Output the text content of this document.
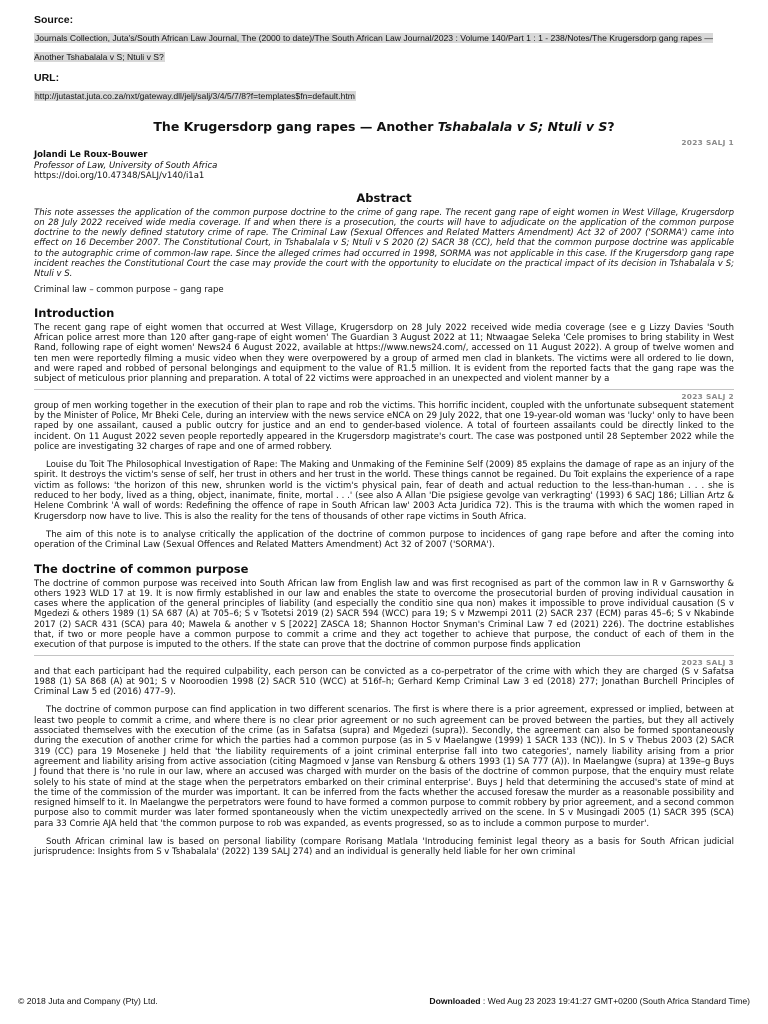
Source:
Journals Collection, Juta's/South African Law Journal, The (2000 to date)/The South African Law Journal/2023 : Volume 140/Part 1 : 1 - 238/Notes/The Krugersdorp gang rapes — Another Tshabalala v S; Ntuli v S?
URL:
http://jutastat.juta.co.za/nxt/gateway.dll/jelj/salj/3/4/5/7/8?f=templates$fn=default.htm
The Krugersdorp gang rapes — Another Tshabalala v S; Ntuli v S?
2023 SALJ 1
Jolandi Le Roux-Bouwer
Professor of Law, University of South Africa
https://doi.org/10.47348/SALJ/v140/i1a1
Abstract

This note assesses the application of the common purpose doctrine to the crime of gang rape. The recent gang rape of eight women in West Village, Krugersdorp on 28 July 2022 received wide media coverage. If and when there is a prosecution, the courts will have to adjudicate on the application of the common purpose doctrine to the newly defined statutory crime of rape. The Criminal Law (Sexual Offences and Related Matters Amendment) Act 32 of 2007 ('SORMA') came into effect on 16 December 2007. The Constitutional Court, in Tshabalala v S; Ntuli v S 2020 (2) SACR 38 (CC), held that the common purpose doctrine was applicable to the autographic crime of common-law rape. Since the alleged crimes had occurred in 1998, SORMA was not applicable in this case. If the Krugersdorp gang rape incident reaches the Constitutional Court the case may provide the court with the opportunity to elucidate on the practical impact of its decision in Tshabalala v S; Ntuli v S.

Criminal law – common purpose – gang rape
Introduction

The recent gang rape of eight women that occurred at West Village, Krugersdorp on 28 July 2022 received wide media coverage (see e g Lizzy Davies 'South African police arrest more than 120 after gang-rape of eight women' The Guardian 3 August 2022 at 11; Ntwaagae Seleka 'Cele promises to bring stability in West Rand, following rape of eight women' News24 6 August 2022, available at https://www.news24.com/, accessed on 11 August 2022). A group of twelve women and ten men were reportedly filming a music video when they were overpowered by a group of armed men clad in blankets. The victims were all ordered to lie down, and were raped and robbed of personal belongings and equipment to the value of R1.5 million. It is evident from the reported facts that the gang rape was the subject of meticulous prior planning and preparation. A total of 22 victims were approached in an unexpected and violent manner by a

2023 SALJ 2

group of men working together in the execution of their plan to rape and rob the victims. This horrific incident, coupled with the unfortunate subsequent statement by the Minister of Police, Mr Bheki Cele, during an interview with the news service eNCA on 29 July 2022, that one 19-year-old woman was 'lucky' only to have been raped by one assailant, caused a public outcry for justice and an end to gender-based violence. A total of fourteen assailants could be directly linked to the incident. On 11 August 2022 seven people reportedly appeared in the Krugersdorp magistrate's court. The case was postponed until 28 September 2022 while the police are investigating 32 charges of rape and one of armed robbery.

Louise du Toit The Philosophical Investigation of Rape: The Making and Unmaking of the Feminine Self (2009) 85 explains the damage of rape as an injury of the spirit. It destroys the victim's sense of self, her trust in others and her trust in the world. These things cannot be regained. Du Toit explains the experience of a rape victim as follows: 'the horizon of this new, shrunken world is the victim's physical pain, fear of death and actual reduction to the less-than-human . . . she is reduced to her body, lived as a thing, object, inanimate, finite, mortal . . .' (see also A Allan 'Die psigiese gevolge van verkragting' (1993) 6 SACJ 186; Lillian Artz & Helene Combrink 'A wall of words: Redefining the offence of rape in South African law' 2003 Acta Juridica 72). This is the trauma with which the women raped in Krugersdorp now have to live. This is also the reality for the tens of thousands of other rape victims in South Africa.

The aim of this note is to analyse critically the application of the doctrine of common purpose to incidences of gang rape before and after the coming into operation of the Criminal Law (Sexual Offences and Related Matters Amendment) Act 32 of 2007 ('SORMA').

The doctrine of common purpose

The doctrine of common purpose was received into South African law from English law and was first recognised as part of the common law in R v Garnsworthy & others 1923 WLD 17 at 19. It is now firmly established in our law and enables the state to overcome the prosecutorial burden of proving individual causation in cases where the application of the general principles of liability (and especially the conditio sine qua non) makes it impossible to prove individual causation (S v Mgedezi & others 1989 (1) SA 687 (A) at 705–6; S v Tsotetsi 2019 (2) SACR 594 (WCC) para 19; S v Mzwempi 2011 (2) SACR 237 (ECM) paras 45–6; S v Nkabinde 2017 (2) SACR 431 (SCA) para 40; Mawela & another v S [2022] ZASCA 18; Shannon Hoctor Snyman's Criminal Law 7 ed (2021) 226). The doctrine establishes that, if two or more people have a common purpose to commit a crime and they act together to achieve that purpose, the conduct of each of them in the execution of that purpose is imputed to the others. If the state can prove that the doctrine of common purpose finds application

2023 SALJ 3

and that each participant had the required culpability, each person can be convicted as a co-perpetrator of the crime with which they are charged (S v Safatsa 1988 (1) SA 868 (A) at 901; S v Nooroodien 1998 (2) SACR 510 (WCC) at 516f–h; Gerhard Kemp Criminal Law 3 ed (2018) 277; Jonathan Burchell Principles of Criminal Law 5 ed (2016) 477–9).

The doctrine of common purpose can find application in two different scenarios. The first is where there is a prior agreement, expressed or implied, between at least two people to commit a crime, and where there is no clear prior agreement or no such agreement can be proved between the parties, but they all actively associated themselves with the execution of the crime (as in Safatsa (supra) and Mgedezi (supra)). Secondly, the agreement can also be formed spontaneously during the execution of another crime for which the parties had a common purpose (as in S v Maelangwe (1999) 1 SACR 133 (NC)). In S v Thebus 2003 (2) SACR 319 (CC) para 19 Moseneke J held that 'the liability requirements of a joint criminal enterprise fall into two categories', namely liability arising from a prior agreement and liability arising from active association (citing Magmoed v Janse van Rensburg & others 1993 (1) SA 777 (A)). In Maelangwe (supra) at 139e–g Buys J found that there is 'no rule in our law, where an accused was charged with murder on the basis of the doctrine of common purpose, that the enquiry must relate solely to his state of mind at the stage when the perpetrators embarked on their criminal enterprise'. Buys J held that determining the accused's state of mind at the time of the commission of the murder was important. It can be inferred from the facts whether the accused foresaw the murder as a reasonable possibility and resigned himself to it. In Maelangwe the perpetrators were found to have formed a common purpose to commit robbery by prior agreement, and a second common purpose also to commit murder was later formed spontaneously when the victim unexpectedly arrived on the scene. In S v Musingadi 2005 (1) SACR 395 (SCA) para 33 Comrie AJA held that 'the common purpose to rob was expanded, as events progressed, so as to include a common purpose to murder'.

South African criminal law is based on personal liability (compare Rorisang Matlala 'Introducing feminist legal theory as a basis for South African judicial jurisprudence: Insights from S v Tshabalala' (2022) 139 SALJ 274) and an individual is generally held liable for her own criminal

© 2018 Juta and Company (Pty) Ltd.	Downloaded : Wed Aug 23 2023 19:41:27 GMT+0200 (South Africa Standard Time)
